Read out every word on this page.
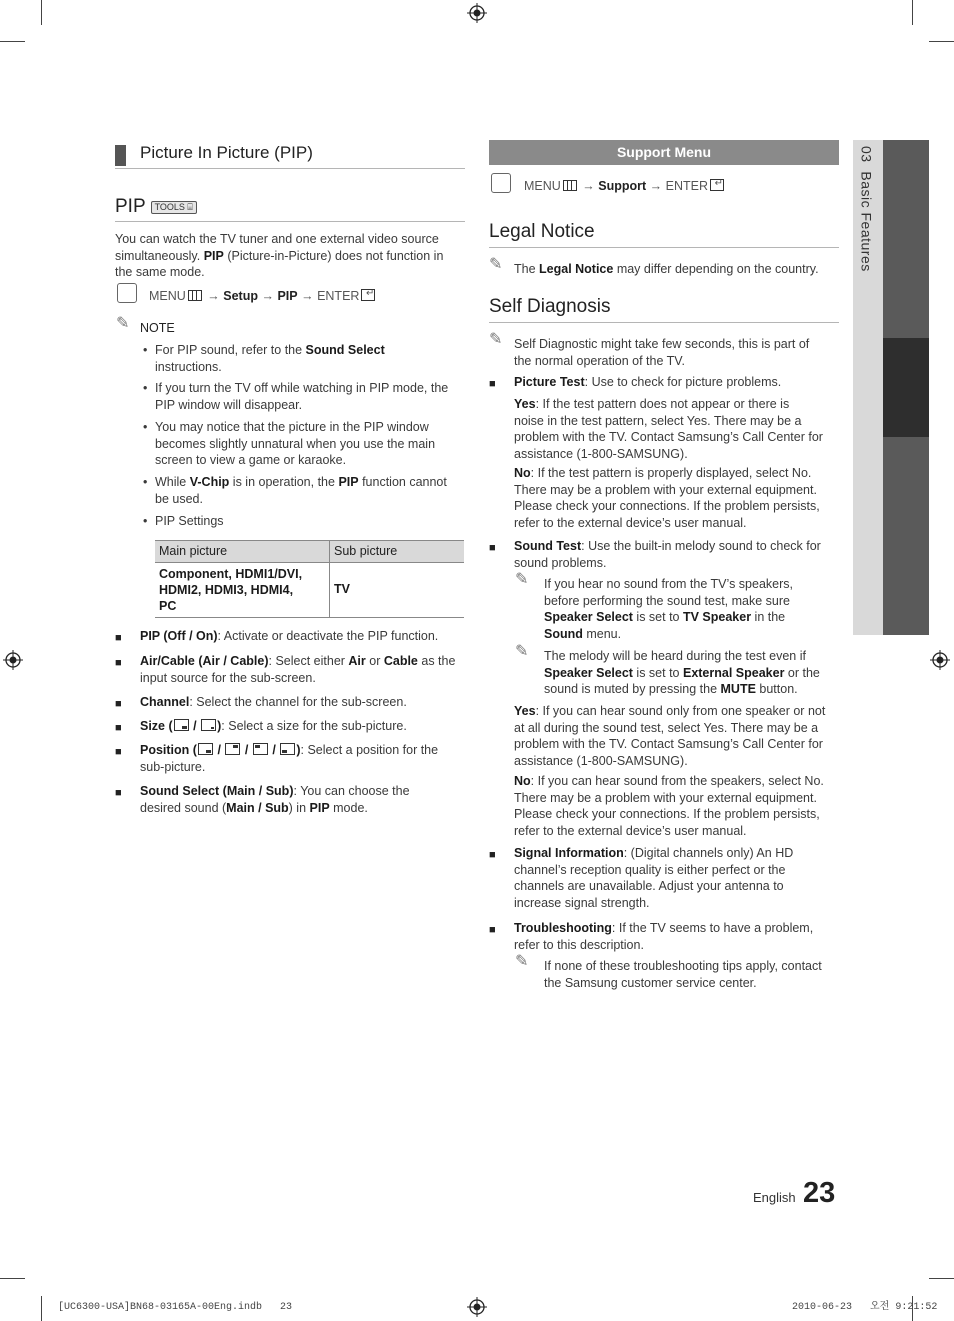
Picture In Picture (PIP)
PIP TOOLS ⌸
You can watch the TV tuner and one external video source
simultaneously. PIP (Picture-in-Picture) does not function in
the same mode.
MENU → Setup → PIP → ENTER↵
✎ NOTE
• For PIP sound, refer to the Sound Select
instructions.
• If you turn the TV off while watching in PIP mode, the
PIP window will disappear.
• You may notice that the picture in the PIP window
becomes slightly unnatural when you use the main
screen to view a game or karaoke.
• While V-Chip is in operation, the PIP function cannot
be used.
• PIP Settings
Main picture	Sub picture

Component, HDMI1/DVI,
HDMI2, HDMI3, HDMI4,
PC	TV
■ PIP (Off / On): Activate or deactivate the PIP function.
■ Air/Cable (Air / Cable): Select either Air or Cable as the
input source for the sub-screen.
■ Channel: Select the channel for the sub-screen.
■ Size ( / ): Select a size for the sub-picture.
■ Position ( / / / ): Select a position for the
sub-picture.
■ Sound Select (Main / Sub): You can choose the
desired sound (Main / Sub) in PIP mode.
Support Menu
MENU → Support → ENTER↵
Legal Notice
✎ The Legal Notice may differ depending on the country.
Self Diagnosis
✎ Self Diagnostic might take few seconds, this is part of
the normal operation of the TV.
■ Picture Test: Use to check for picture problems.
Yes: If the test pattern does not appear or there is
noise in the test pattern, select Yes. There may be a
problem with the TV. Contact Samsung’s Call Center for
assistance (1-800-SAMSUNG).
No: If the test pattern is properly displayed, select No.
There may be a problem with your external equipment.
Please check your connections. If the problem persists,
refer to the external device’s user manual.
■ Sound Test: Use the built-in melody sound to check for
sound problems.
✎ If you hear no sound from the TV’s speakers,
before performing the sound test, make sure
Speaker Select is set to TV Speaker in the
Sound menu.
✎ The melody will be heard during the test even if
Speaker Select is set to External Speaker or the
sound is muted by pressing the MUTE button.
Yes: If you can hear sound only from one speaker or not
at all during the sound test, select Yes. There may be a
problem with the TV. Contact Samsung’s Call Center for
assistance (1-800-SAMSUNG).
No: If you can hear sound from the speakers, select No.
There may be a problem with your external equipment.
Please check your connections. If the problem persists,
refer to the external device’s user manual.
■ Signal Information: (Digital channels only) An HD
channel’s reception quality is either perfect or the
channels are unavailable. Adjust your antenna to
increase signal strength.
■ Troubleshooting: If the TV seems to have a problem,
refer to this description.
✎ If none of these troubleshooting tips apply, contact
the Samsung customer service center.
03  Basic Features
English 23
[UC6300-USA]BN68-03165A-00Eng.indb   23	2010-06-23   오전 9:21:52
